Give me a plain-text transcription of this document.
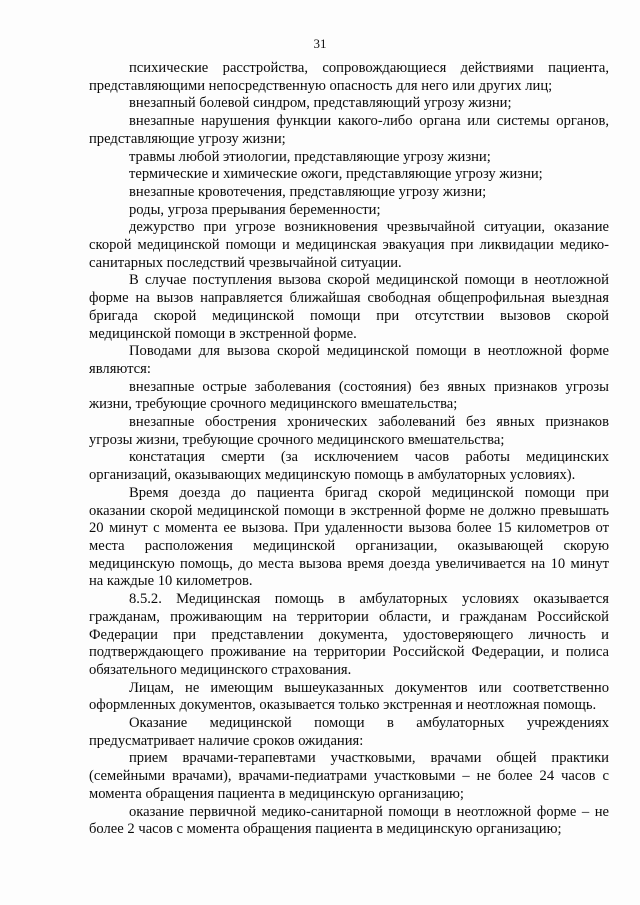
31

психические расстройства, сопровождающиеся действиями пациента, представляющими непосредственную опасность для него или других лиц;

внезапный болевой синдром, представляющий угрозу жизни;

внезапные нарушения функции какого-либо органа или системы органов, представляющие угрозу жизни;

травмы любой этиологии, представляющие угрозу жизни;

термические и химические ожоги, представляющие угрозу жизни;

внезапные кровотечения, представляющие угрозу жизни;

роды, угроза прерывания беременности;

дежурство при угрозе возникновения чрезвычайной ситуации, оказание скорой медицинской помощи и медицинская эвакуация при ликвидации медико-санитарных последствий чрезвычайной ситуации.

В случае поступления вызова скорой медицинской помощи в неотложной форме на вызов направляется ближайшая свободная общепрофильная выездная бригада скорой медицинской помощи при отсутствии вызовов скорой медицинской помощи в экстренной форме.

Поводами для вызова скорой медицинской помощи в неотложной форме являются:

внезапные острые заболевания (состояния) без явных признаков угрозы жизни, требующие срочного медицинского вмешательства;

внезапные обострения хронических заболеваний без явных признаков угрозы жизни, требующие срочного медицинского вмешательства;

констатация смерти (за исключением часов работы медицинских организаций, оказывающих медицинскую помощь в амбулаторных условиях).

Время доезда до пациента бригад скорой медицинской помощи при оказании скорой медицинской помощи в экстренной форме не должно превышать 20 минут с момента ее вызова. При удаленности вызова более 15 километров от места расположения медицинской организации, оказывающей скорую медицинскую помощь, до места вызова время доезда увеличивается на 10 минут на каждые 10 километров.

8.5.2. Медицинская помощь в амбулаторных условиях оказывается гражданам, проживающим на территории области, и гражданам Российской Федерации при представлении документа, удостоверяющего личность и подтверждающего проживание на территории Российской Федерации, и полиса обязательного медицинского страхования.

Лицам, не имеющим вышеуказанных документов или соответственно оформленных документов, оказывается только экстренная и неотложная помощь.

Оказание медицинской помощи в амбулаторных учреждениях предусматривает наличие сроков ожидания:

прием врачами-терапевтами участковыми, врачами общей практики (семейными врачами), врачами-педиатрами участковыми – не более 24 часов с момента обращения пациента в медицинскую организацию;

оказание первичной медико-санитарной помощи в неотложной форме – не более 2 часов с момента обращения пациента в медицинскую организацию;
